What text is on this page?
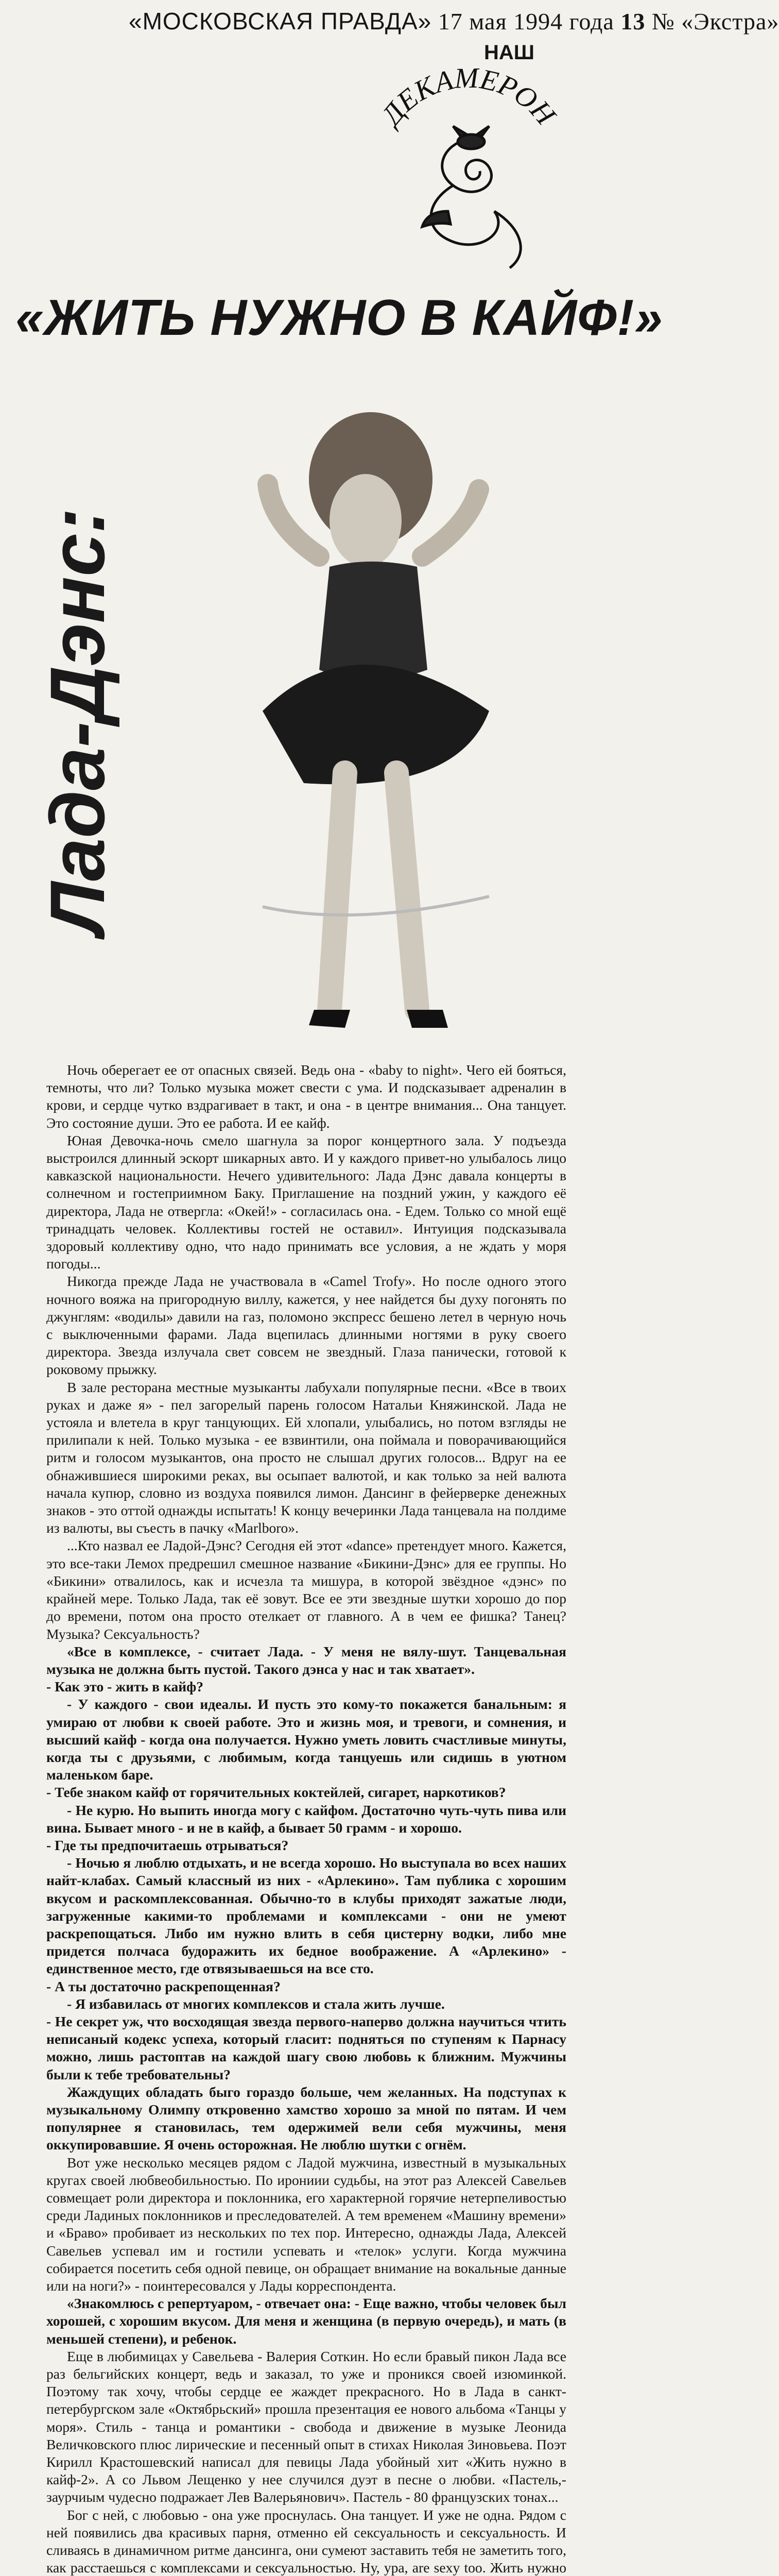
«МОСКОВСКАЯ ПРАВДА» 17 мая 1994 года 13 № «Экстра»
НАШ
ДЕКАМЕРОН
«ЖИТЬ НУЖНО В КАЙФ!»
Лада-Дэнс:

Ночь оберегает ее от опасных связей. Ведь она - «baby to night». Чего ей бояться, темноты, что ли? Только музыка может свести с ума. И подсказывает адреналин в крови, и сердце чутко вздрагивает в такт, и она - в центре внимания... Она танцует. Это состояние души. Это ее работа. И ее кайф.

Юная Девочка-ночь смело шагнула за порог концертного зала. У подъезда выстроился длинный эскорт шикарных авто. И у каждого привет-но улыбалось лицо кавказской национальности. Нечего удивительного: Лада Дэнс давала концерты в солнечном и гостеприимном Баку. Приглашение на поздний ужин, у каждого её директора, Лада не отвергла: «Окей!» - согласилась она. - Едем. Только со мной ещё тринадцать человек. Коллективы гостей не оставил». Интуиция подсказывала здоровый коллективу одно, что надо принимать все условия, а не ждать у моря погоды...

Никогда прежде Лада не участвовала в «Camel Trofy». Но после одного этого ночного вояжа на пригородную виллу, кажется, у нее найдется бы духу погонять по джунглям: «водилы» давили на газ, поломоно экспресс бешено летел в черную ночь с выключенными фарами. Лада вцепилась длинными ногтями в руку своего директора. Звезда излучала свет совсем не звездный. Глаза панически, готовой к роковому прыжку.

В зале ресторана местные музыканты лабухали популярные песни. «Все в твоих руках и даже я» - пел загорелый парень голосом Натальи Княжинской. Лада не устояла и влетела в круг танцующих. Ей хлопали, улыбались, но потом взгляды не прилипали к ней. Только музыка - ее взвинтили, она поймала и поворачивающийся ритм и голосом музыкантов, она просто не слышал других голосов... Вдруг на ее обнажившиеся широкими реках, вы осыпает валютой, и как только за ней валюта начала купюр, словно из воздуха появился лимон. Дансинг в фейерверке денежных знаков - это оттой однажды испытать! К концу вечеринки Лада танцевала на полдиме из валюты, вы съесть в пачку «Marlboro».

...Кто назвал ее Ладой-Дэнс? Сегодня ей этот «dance» претендует много. Кажется, это все-таки Лемох предрешил смешное название «Бикини-Дэнс» для ее группы. Но «Бикини» отвалилось, как и исчезла та мишура, в которой звёздное «дэнс» по крайней мере. Только Лада, так её зовут. Все ее эти звездные шутки хорошо до пор до времени, потом она просто отелкает от главного. А в чем ее фишка? Танец? Музыка? Сексуальность?

«Все в комплексе, - считает Лада. - У меня не вялу-шут. Танцевальная музыка не должна быть пустой. Такого дэнса у нас и так хватает».

- Как это - жить в кайф?

- У каждого - свои идеалы. И пусть это кому-то покажется банальным: я умираю от любви к своей работе. Это и жизнь моя, и тревоги, и сомнения, и высший кайф - когда она получается. Нужно уметь ловить счастливые минуты, когда ты с друзьями, с любимым, когда танцуешь или сидишь в уютном маленьком баре.

- Тебе знаком кайф от горячительных коктейлей, сигарет, наркотиков?

- Не курю. Но выпить иногда могу с кайфом. Достаточно чуть-чуть пива или вина. Бывает много - и не в кайф, а бывает 50 грамм - и хорошо.

- Где ты предпочитаешь отрываться?

- Ночью я люблю отдыхать, и не всегда хорошо. Но выступала во всех наших найт-клабах. Самый классный из них - «Арлекино». Там публика с хорошим вкусом и раскомплексованная. Обычно-то в клубы приходят зажатые люди, загруженные какими-то проблемами и комплексами - они не умеют раскрепощаться. Либо им нужно влить в себя цистерну водки, либо мне придется полчаса будоражить их бедное воображение. А «Арлекино» - единственное место, где отвязываешься на все сто.

- А ты достаточно раскрепощенная?

- Я избавилась от многих комплексов и стала жить лучше.

- Не секрет уж, что восходящая звезда первого-наперво должна научиться чтить неписаный кодекс успеха, который гласит: подняться по ступеням к Парнасу можно, лишь растоптав на каждой шагу свою любовь к ближним. Мужчины были к тебе требовательны?

Жаждущих обладать быго гораздо больше, чем желанных. На подступах к музыкальному Олимпу откровенно хамство хорошо за мной по пятам. И чем популярнее я становилась, тем одержимей вели себя мужчины, меня оккупировавшие. Я очень осторожная. Не люблю шутки с огнём.

Вот уже несколько месяцев рядом с Ладой мужчина, известный в музыкальных кругах своей любвеобильностью. По ирониии судьбы, на этот раз Алексей Савельев совмещает роли директора и поклонника, его характерной горячие нетерпеливостью среди Ладиных поклонников и преследователей. А тем временем «Машину времени» и «Браво» пробивает из нескольких по тех пор. Интересно, однажды Лада, Алексей Савельев успевал им и гостили успевать и «телок» услуги. Когда мужчина собирается посетить себя одной певице, он обращает внимание на вокальные данные или на ноги?» - поинтересовался у Лады корреспондента.

«Знакомлюсь с репертуаром, - отвечает она: - Еще важно, чтобы человек был хорошей, с хорошим вкусом. Для меня и женщина (в первую очередь), и мать (в меньшей степени), и ребенок.

Еще в любимицах у Савельева - Валерия Соткин. Но если бравый пикон Лада все раз бельгийских концерт, ведь и заказал, то уже и проникся своей изюминкой. Поэтому так хочу, чтобы сердце ее жаждет прекрасного. Но в Лада в санкт-петербургском зале «Октябрьский» прошла презентация ее нового альбома «Танцы у моря». Стиль - танца и романтики - свобода и движение в музыке Леонида Величковского плюс лирические и песенный опыт в стихах Николая Зиновьева. Поэт Кирилл Крастошевский написал для певицы Лада убойный хит «Жить нужно в кайф-2». А со Львом Лещенко у нее случился дуэт в песне о любви. «Пастель,- заурчиым чудесно подражает Лев Валерьянович». Пастель - 80 французских тонах...

Бог с ней, с любовью - она уже проснулась. Она танцует. И уже не одна. Рядом с ней появились два красивых парня, отменно ей сексуальность и сексуальность. И сливаясь в динамичном ритме дансинга, они сумеют заставить тебя не заметить того, как расстаешься с комплексами и сексуальностью. Ну, ура, are sexy too. Жить нужно
